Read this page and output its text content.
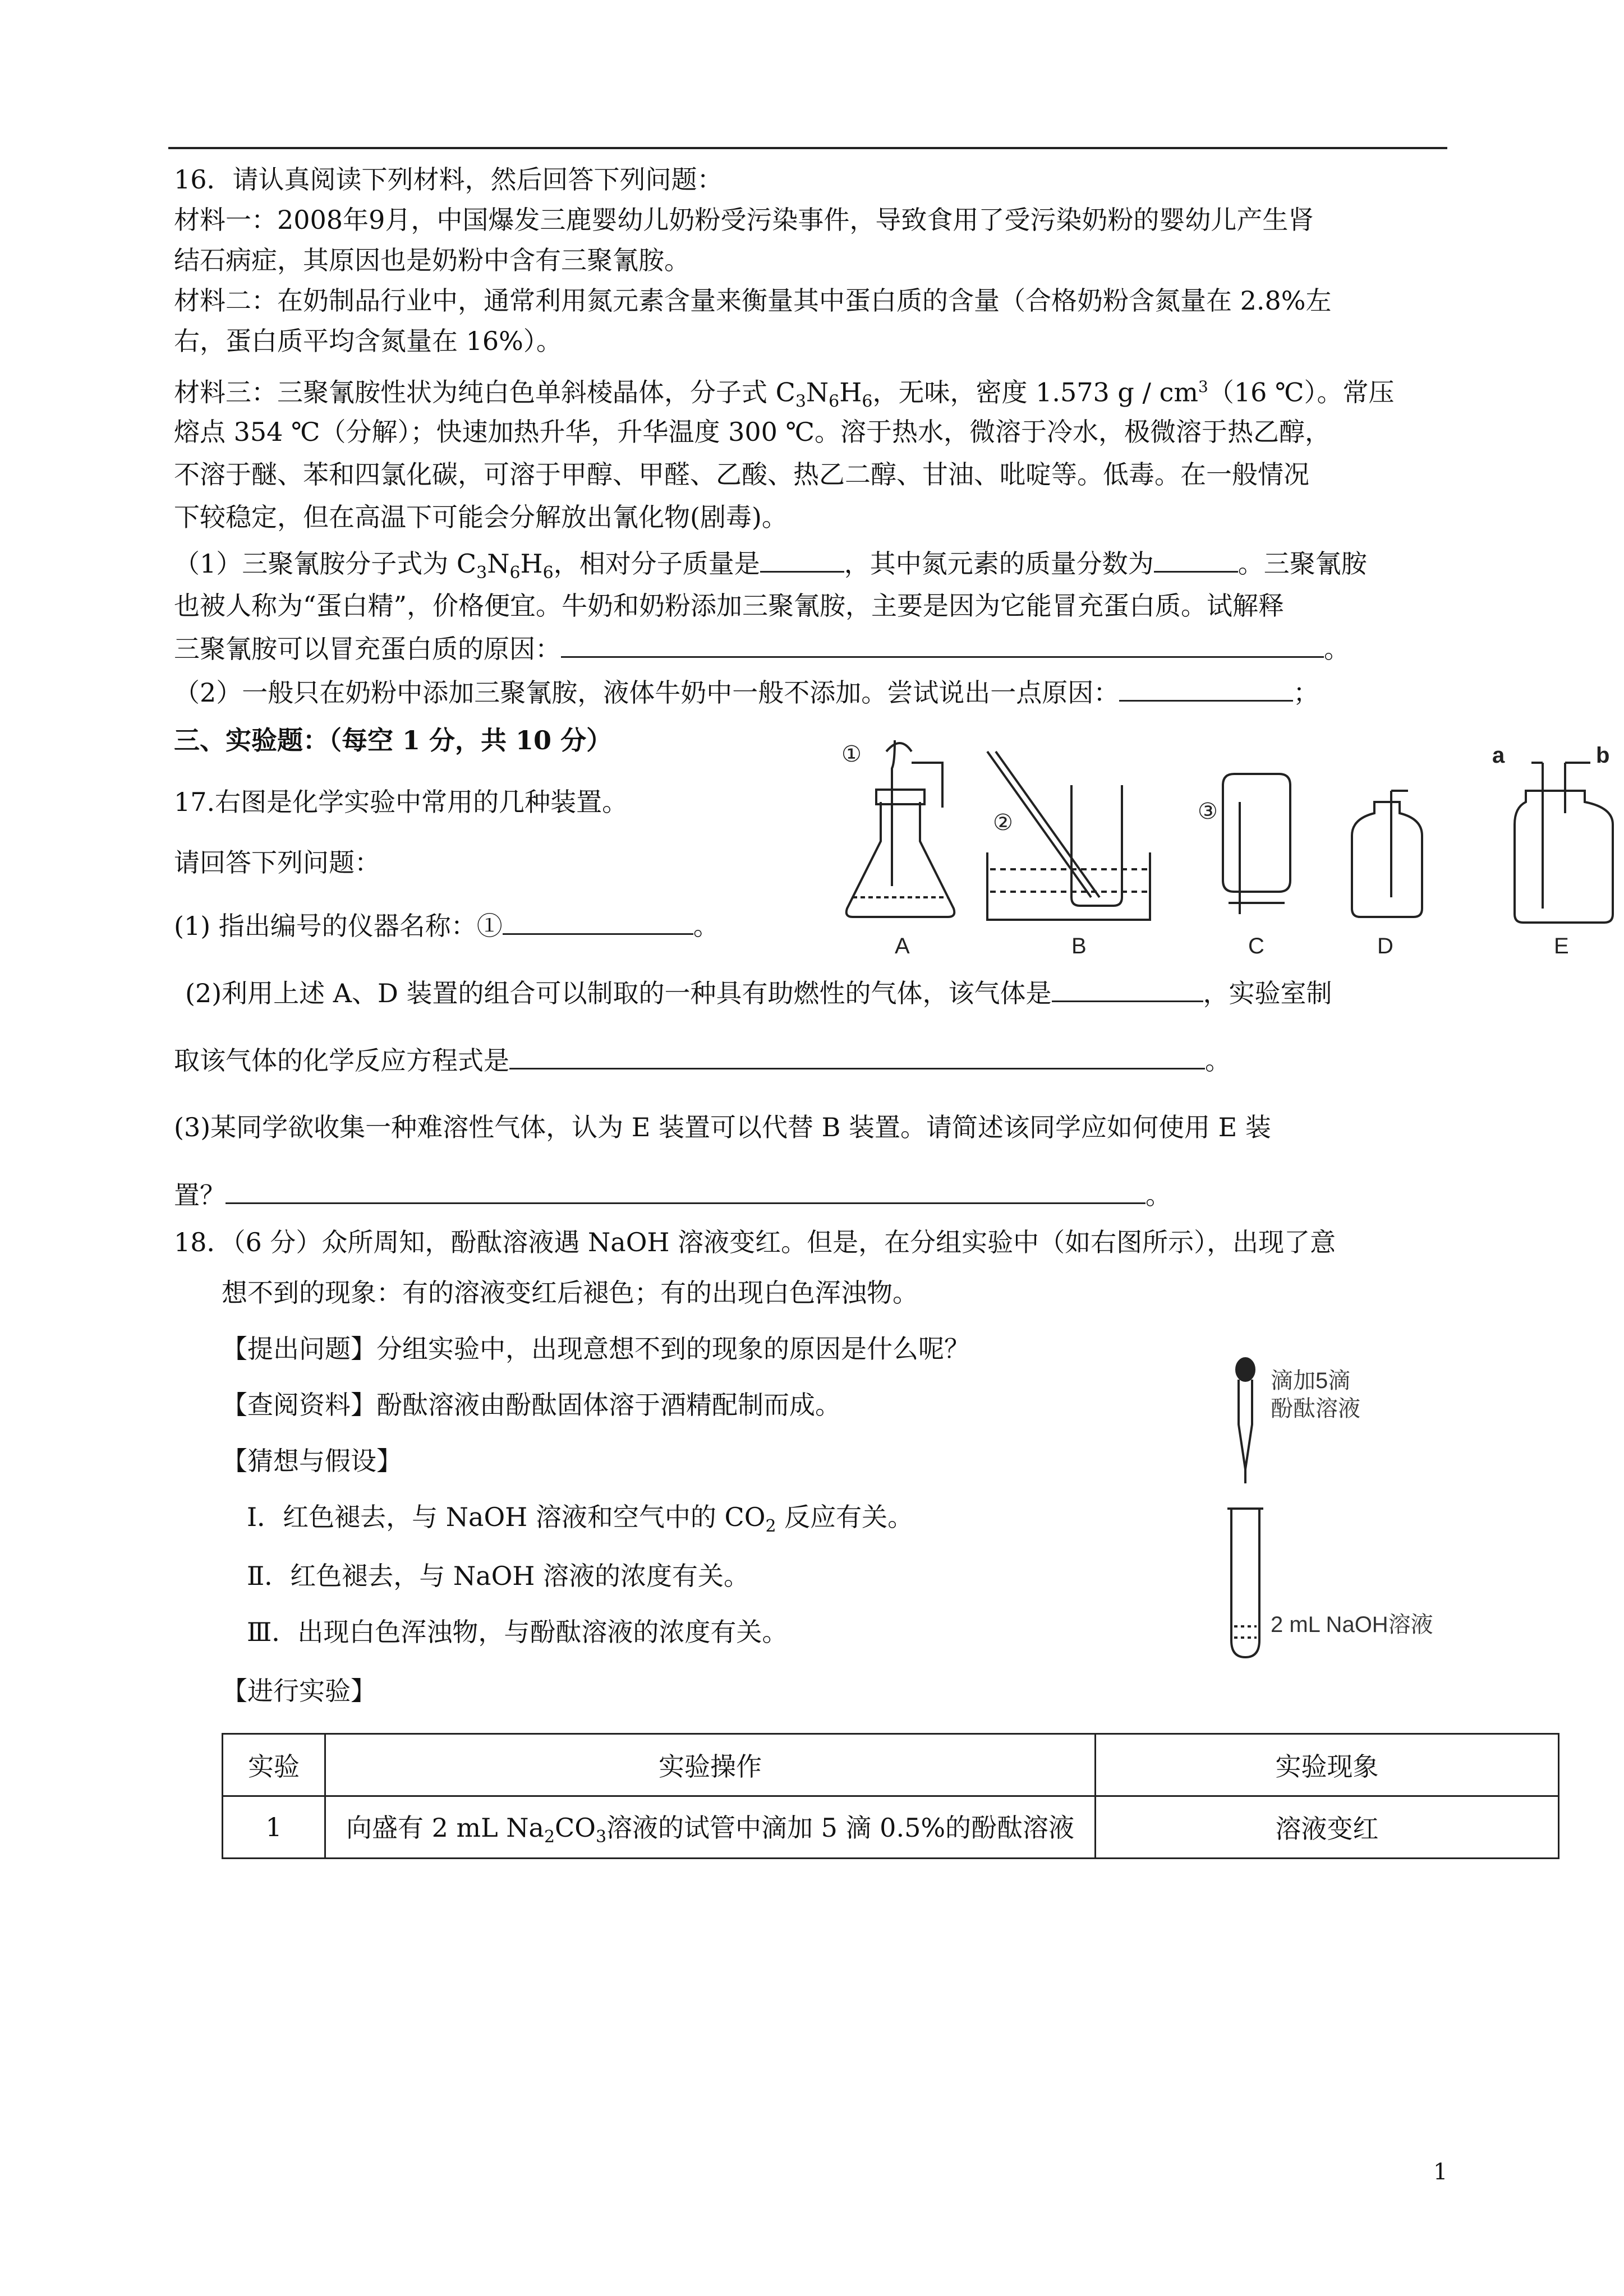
16．请认真阅读下列材料，然后回答下列问题：
材料一：2008年9月，中国爆发三鹿婴幼儿奶粉受污染事件，导致食用了受污染奶粉的婴幼儿产生肾
结石病症，其原因也是奶粉中含有三聚氰胺。
材料二：在奶制品行业中，通常利用氮元素含量来衡量其中蛋白质的含量（合格奶粉含氮量在 2.8%左
右，蛋白质平均含氮量在 16%）。
材料三：三聚氰胺性状为纯白色单斜棱晶体，分子式 $C_3N_6H_6$，无味，密度 1.573 g / $cm^3(16$ ℃）。常压
熔点 354 ℃（分解）；快速加热升华，升华温度 300 ℃。溶于热水，微溶于冷水，极微溶于热乙醇，
不溶于醚、苯和四氯化碳，可溶于甲醇、甲醛、乙酸、热乙二醇、甘油、吡啶等。低毒。在一般情况
下较稳定，但在高温下可能会分解放出氰化物(剧毒)。
（1）三聚氰胺分子式为 $C_3N_6H_6$，相对分子质量是	，其中氮元素的质量分数为	。三聚氰胺
也被人称为“蛋白精”，价格便宜。牛奶和奶粉添加三聚氰胺，主要是因为它能冒充蛋白质。试解释
三聚氰胺可以冒充蛋白质的原因：	。
（2）一般只在奶粉中添加三聚氰胺，液体牛奶中一般不添加。尝试说出一点原因：	；
三、实验题：（每空 1 分，共 10 分）
17.右图是化学实验中常用的几种装置。
请回答下列问题：
(1) 指出编号的仪器名称：①	。
(2)利用上述 A、D 装置的组合可以制取的一种具有助燃性的气体，该气体是	，实验室制
取该气体的化学反应方程式是	。
(3)某同学欲收集一种难溶性气体，认为 E 装置可以代替 B 装置。请简述该同学应如何使用 E 装
置？	。
①
A
②
B
③
C	D
a	b
E
18．（6 分）众所周知，酚酞溶液遇 NaOH 溶液变红。但是，在分组实验中（如右图所示），出现了意
想不到的现象：有的溶液变红后褪色；有的出现白色浑浊物。
【提出问题】分组实验中，出现意想不到的现象的原因是什么呢？
【查阅资料】酚酞溶液由酚酞固体溶于酒精配制而成。
【猜想与假设】
Ⅰ．红色褪去，与 NaOH 溶液和空气中的 $CO_2$ 反应有关。
Ⅱ．红色褪去，与 NaOH 溶液的浓度有关。
Ⅲ．出现白色浑浊物，与酚酞溶液的浓度有关。
【进行实验】
滴加5滴
酚酞溶液
2 mL NaOH溶液
实验	实验操作	实验现象
1	向盛有 2 mL $Na_2CO_3$溶液的试管中滴加 5 滴 0.5%的酚酞溶液	溶液变红
1
